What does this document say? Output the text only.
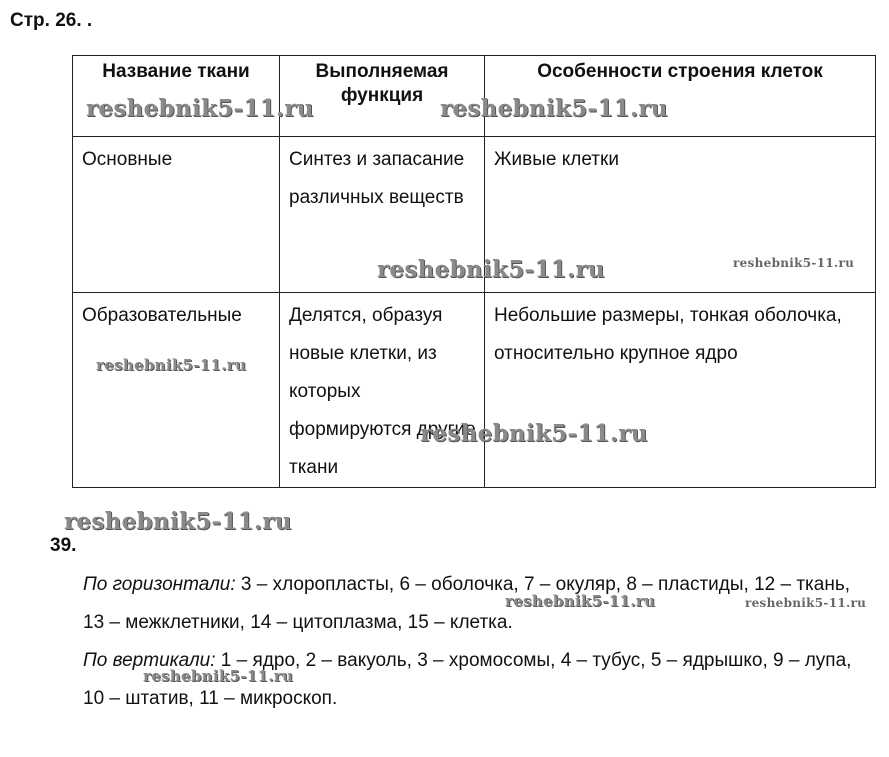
Стр. 26. .
Название ткани	Выполняемая функция	Особенности строения клеток
Основные	Синтез и запасание различных веществ	Живые клетки
Образовательные	Делятся, образуя новые клетки, из которых формируются другие ткани	Небольшие размеры, тонкая оболочка, относительно крупное ядро
39.
По горизонтали: 3 – хлоропласты, 6 – оболочка, 7 – окуляр, 8 – пластиды, 12 – ткань, 13 – межклетники, 14 – цитоплазма, 15 – клетка.
По вертикали: 1 – ядро, 2 – вакуоль, 3 – хромосомы, 4 – тубус, 5 – ядрышко, 9 – лупа, 10 – штатив, 11 – микроскоп.
reshebnik5-11.ru	reshebnik5-11.ru
reshebnik5-11.ru	reshebnik5-11.ru
reshebnik5-11.ru
reshebnik5-11.ru
reshebnik5-11.ru
reshebnik5-11.ru	reshebnik5-11.ru
reshebnik5-11.ru
